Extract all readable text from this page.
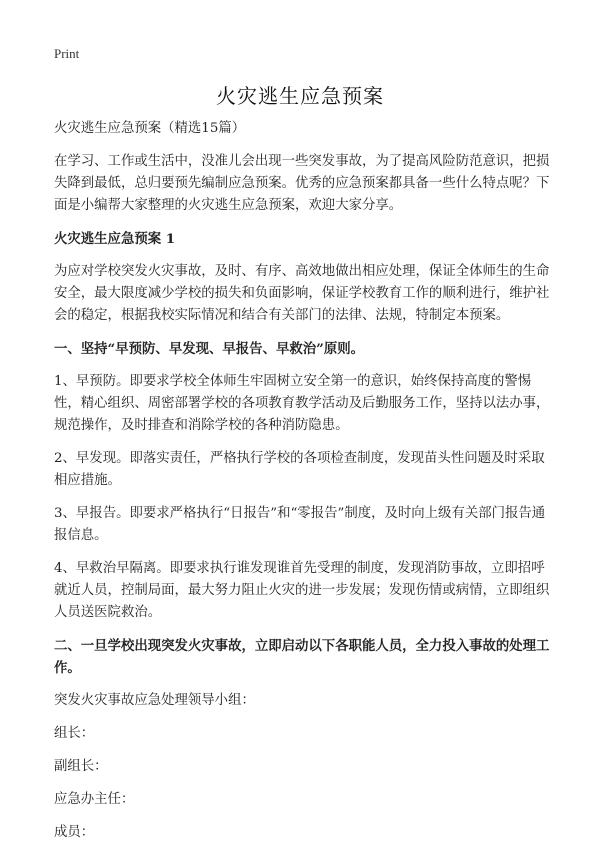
Print
火灾逃生应急预案

火灾逃生应急预案（精选15篇）

在学习、工作或生活中，没准儿会出现一些突发事故，为了提高风险防范意识，把损失降到最低，总归要预先编制应急预案。优秀的应急预案都具备一些什么特点呢？下面是小编帮大家整理的火灾逃生应急预案，欢迎大家分享。

火灾逃生应急预案 1

为应对学校突发火灾事故，及时、有序、高效地做出相应处理，保证全体师生的生命安全，最大限度减少学校的损失和负面影响，保证学校教育工作的顺利进行，维护社会的稳定，根据我校实际情况和结合有关部门的法律、法规，特制定本预案。

一、坚持“早预防、早发现、早报告、早救治”原则。

1、早预防。即要求学校全体师生牢固树立安全第一的意识，始终保持高度的警惕性，精心组织、周密部署学校的各项教育教学活动及后勤服务工作，坚持以法办事，规范操作，及时排查和消除学校的各种消防隐患。

2、早发现。即落实责任，严格执行学校的各项检查制度，发现苗头性问题及时采取相应措施。

3、早报告。即要求严格执行“日报告”和“零报告”制度，及时向上级有关部门报告通报信息。

4、早救治早隔离。即要求执行谁发现谁首先受理的制度，发现消防事故，立即招呼就近人员，控制局面，最大努力阻止火灾的进一步发展；发现伤情或病情，立即组织人员送医院救治。

二、一旦学校出现突发火灾事故，立即启动以下各职能人员，全力投入事故的处理工作。

突发火灾事故应急处理领导小组：

组长：

副组长：

应急办主任：

成员：
